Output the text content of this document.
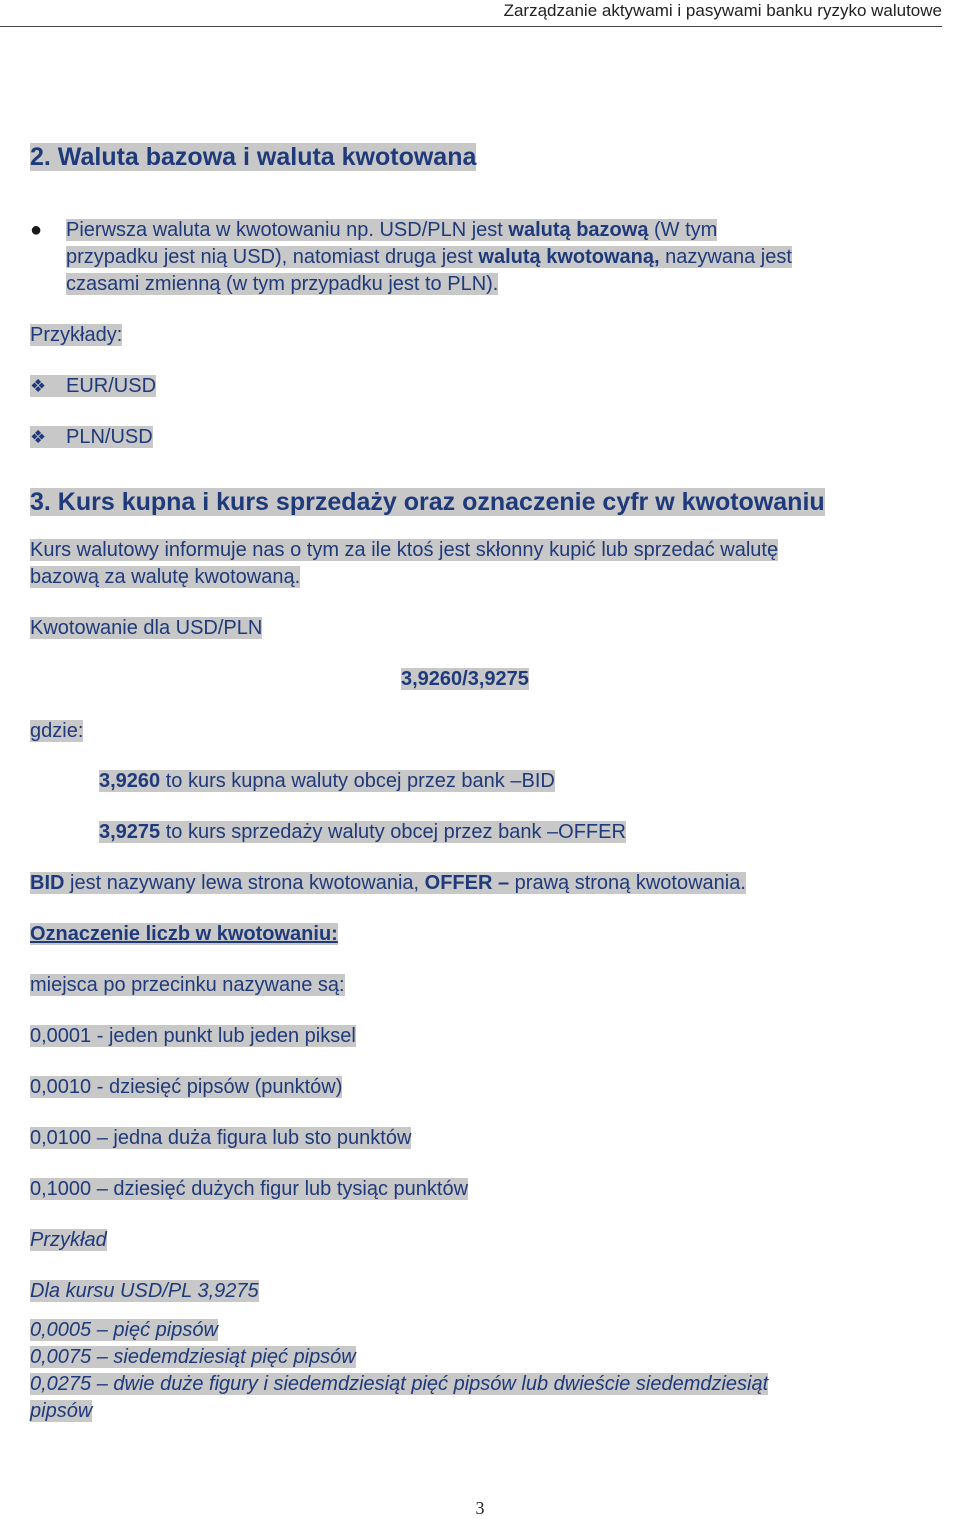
Zarządzanie aktywami i pasywami banku ryzyko walutowe
2. Waluta bazowa i waluta kwotowana
● Pierwsza waluta w kwotowaniu np. USD/PLN jest walutą bazową (W tym
przypadku jest nią USD), natomiast druga jest walutą kwotowaną, nazywana jest
czasami zmienną (w tym przypadku jest to PLN).
Przykłady:
❖ EUR/USD
❖ PLN/USD
3. Kurs kupna i kurs sprzedaży oraz oznaczenie cyfr w kwotowaniu
Kurs walutowy informuje nas o tym za ile ktoś jest skłonny kupić lub sprzedać walutę
bazową za walutę kwotowaną.
Kwotowanie dla USD/PLN
3,9260/3,9275
gdzie:
3,9260 to kurs kupna waluty obcej przez bank –BID
3,9275 to kurs sprzedaży waluty obcej przez bank –OFFER
BID jest nazywany lewa strona kwotowania, OFFER – prawą stroną kwotowania.
Oznaczenie liczb w kwotowaniu:
miejsca po przecinku nazywane są:
0,0001 - jeden punkt lub jeden piksel
0,0010 - dziesięć pipsów (punktów)
0,0100 – jedna duża figura lub sto punktów
0,1000 – dziesięć dużych figur lub tysiąc punktów
Przykład
Dla kursu USD/PL 3,9275
0,0005 – pięć pipsów
0,0075 – siedemdziesiąt pięć pipsów
0,0275 – dwie duże figury i siedemdziesiąt pięć pipsów lub dwieście siedemdziesiąt
pipsów
3
